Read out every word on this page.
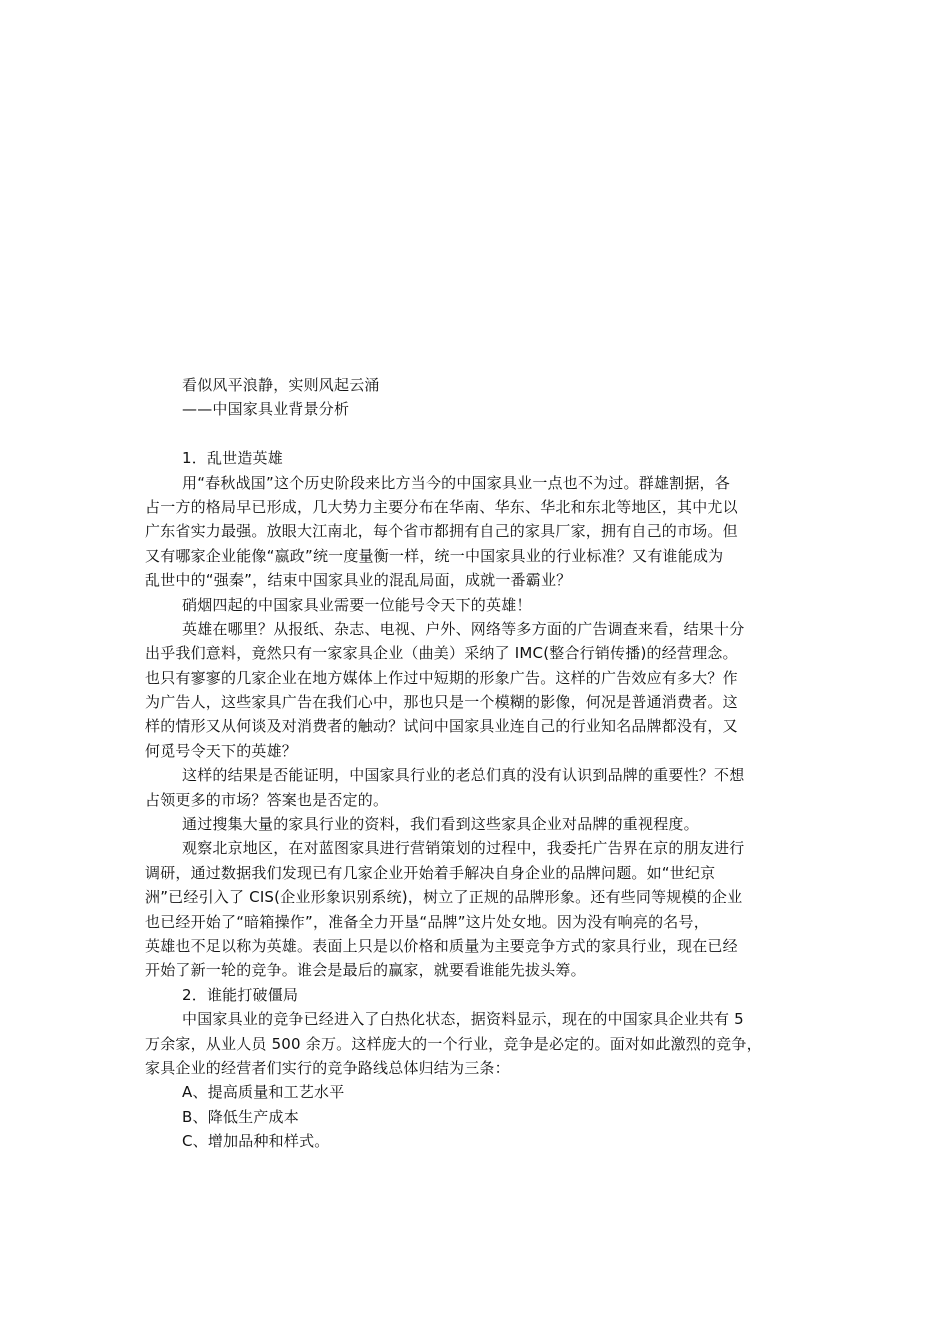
看似风平浪静，实则风起云涌
——中国家具业背景分析
1．乱世造英雄
用“春秋战国”这个历史阶段来比方当今的中国家具业一点也不为过。群雄割据，各
占一方的格局早已形成，几大势力主要分布在华南、华东、华北和东北等地区，其中尤以
广东省实力最强。放眼大江南北，每个省市都拥有自己的家具厂家，拥有自己的市场。但
又有哪家企业能像“嬴政”统一度量衡一样，统一中国家具业的行业标准？又有谁能成为
乱世中的“强秦”，结束中国家具业的混乱局面，成就一番霸业？
硝烟四起的中国家具业需要一位能号令天下的英雄！
英雄在哪里？从报纸、杂志、电视、户外、网络等多方面的广告调查来看，结果十分
出乎我们意料，竟然只有一家家具企业（曲美）采纳了 IMC(整合行销传播)的经营理念。
也只有寥寥的几家企业在地方媒体上作过中短期的形象广告。这样的广告效应有多大？作
为广告人，这些家具广告在我们心中，那也只是一个模糊的影像，何况是普通消费者。这
样的情形又从何谈及对消费者的触动？试问中国家具业连自己的行业知名品牌都没有，又
何觅号令天下的英雄？
这样的结果是否能证明，中国家具行业的老总们真的没有认识到品牌的重要性？不想
占领更多的市场？答案也是否定的。
通过搜集大量的家具行业的资料，我们看到这些家具企业对品牌的重视程度。
观察北京地区，在对蓝图家具进行营销策划的过程中，我委托广告界在京的朋友进行
调研，通过数据我们发现已有几家企业开始着手解决自身企业的品牌问题。如“世纪京
洲”已经引入了 CIS(企业形象识别系统)，树立了正规的品牌形象。还有些同等规模的企业
也已经开始了“暗箱操作”，准备全力开垦“品牌”这片处女地。因为没有响亮的名号，
英雄也不足以称为英雄。表面上只是以价格和质量为主要竞争方式的家具行业，现在已经
开始了新一轮的竞争。谁会是最后的赢家，就要看谁能先拔头筹。
2．谁能打破僵局
中国家具业的竞争已经进入了白热化状态，据资料显示，现在的中国家具企业共有 5
万余家，从业人员 500 余万。这样庞大的一个行业，竞争是必定的。面对如此激烈的竞争，
家具企业的经营者们实行的竞争路线总体归结为三条：
A、提高质量和工艺水平
B、降低生产成本
C、增加品种和样式。
